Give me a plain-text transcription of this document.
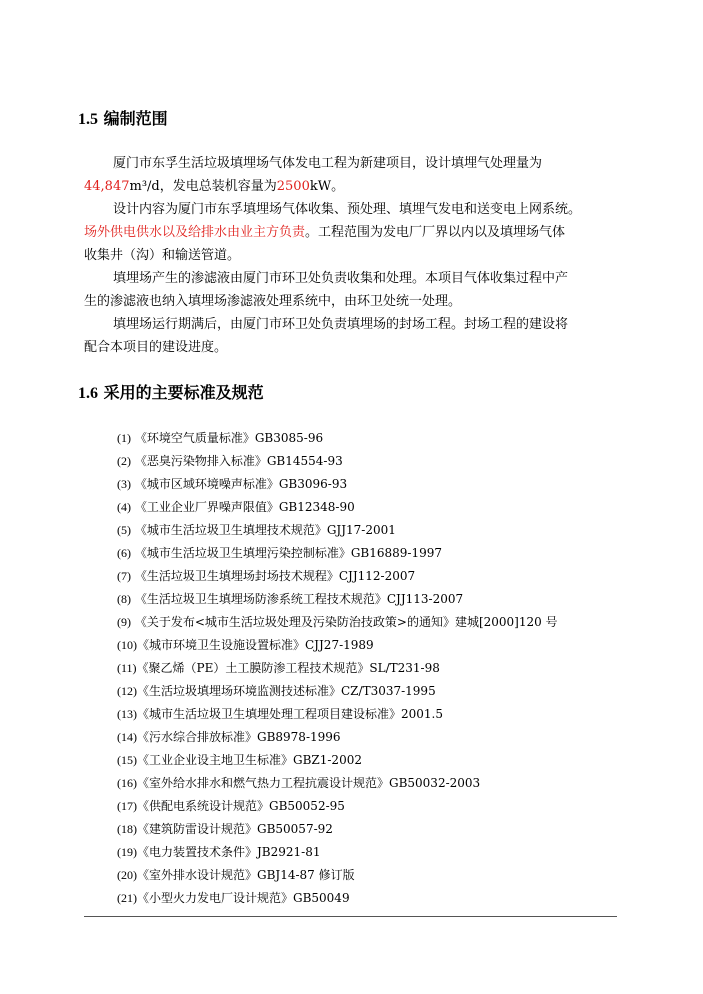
1.5 编制范围

厦门市东孚生活垃圾填埋场气体发电工程为新建项目，设计填埋气处理量为

44,847m³/d，发电总装机容量为2500kW。

设计内容为厦门市东孚填埋场气体收集、预处理、填埋气发电和送变电上网系统。

场外供电供水以及给排水由业主方负责。工程范围为发电厂厂界以内以及填埋场气体

收集井（沟）和输送管道。

填埋场产生的渗滤液由厦门市环卫处负责收集和处理。本项目气体收集过程中产

生的渗滤液也纳入填埋场渗滤液处理系统中，由环卫处统一处理。

填埋场运行期满后，由厦门市环卫处负责填埋场的封场工程。封场工程的建设将

配合本项目的建设进度。

1.6 采用的主要标准及规范

(1) 《环境空气质量标准》GB3085-96

(2) 《恶臭污染物排入标准》GB14554-93

(3) 《城市区域环境噪声标准》GB3096-93

(4) 《工业企业厂界噪声限值》GB12348-90

(5) 《城市生活垃圾卫生填埋技术规范》GJJ17-2001

(6) 《城市生活垃圾卫生填埋污染控制标准》GB16889-1997

(7) 《生活垃圾卫生填埋场封场技术规程》CJJ112-2007

(8) 《生活垃圾卫生填埋场防渗系统工程技术规范》CJJ113-2007

(9) 《关于发布<城市生活垃圾处理及污染防治技政策>的通知》建城[2000]120 号

(10)《城市环境卫生设施设置标准》CJJ27-1989

(11)《聚乙烯（PE）土工膜防渗工程技术规范》SL/T231-98

(12)《生活垃圾填埋场环境监测技述标准》CZ/T3037-1995

(13)《城市生活垃圾卫生填埋处理工程项目建设标准》2001.5

(14)《污水综合排放标准》GB8978-1996

(15)《工业企业设主地卫生标准》GBZ1-2002

(16)《室外给水排水和燃气热力工程抗震设计规范》GB50032-2003

(17)《供配电系统设计规范》GB50052-95

(18)《建筑防雷设计规范》GB50057-92

(19)《电力装置技术条件》JB2921-81

(20)《室外排水设计规范》GBJ14-87 修订版

(21)《小型火力发电厂设计规范》GB50049
